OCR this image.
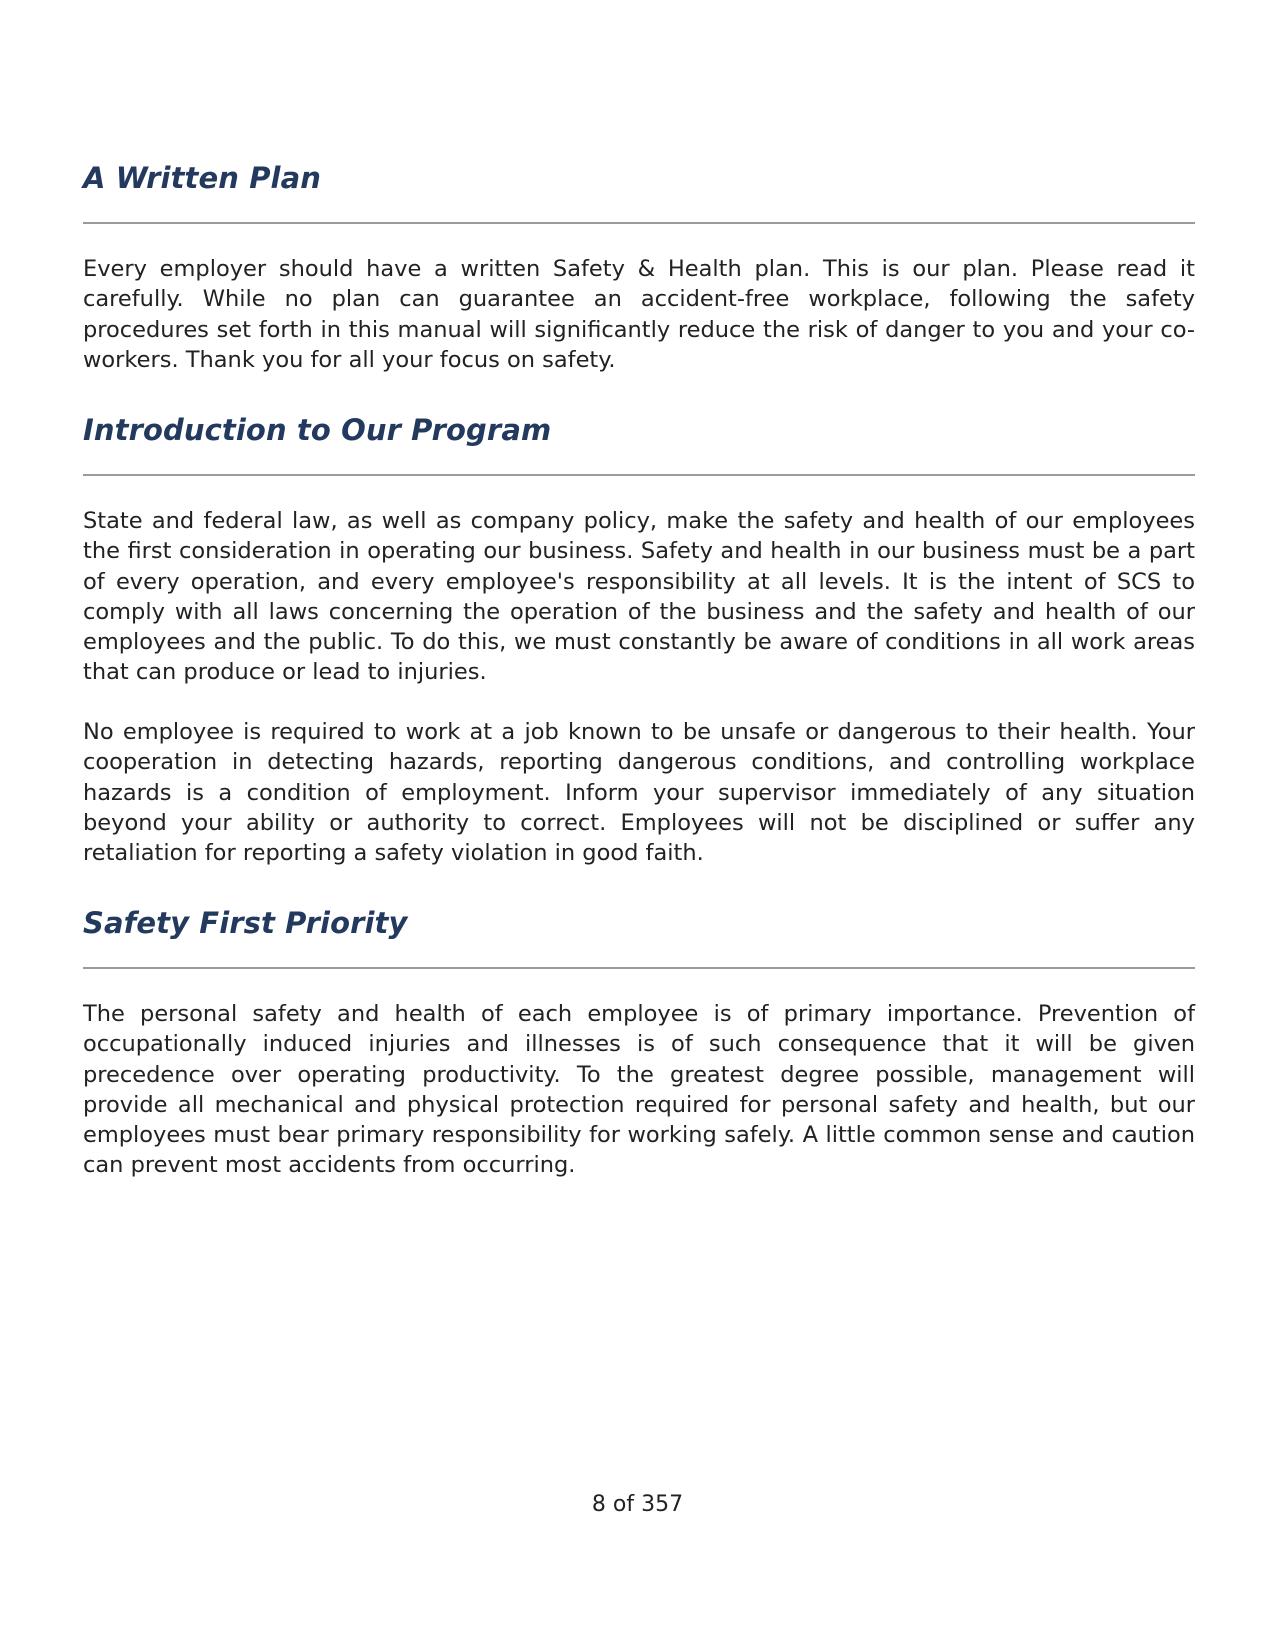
A Written Plan

Every employer should have a written Safety & Health plan. This is our plan. Please read it carefully. While no plan can guarantee an accident-free workplace, following the safety procedures set forth in this manual will significantly reduce the risk of danger to you and your co-workers. Thank you for all your focus on safety.

Introduction to Our Program

State and federal law, as well as company policy, make the safety and health of our employees the first consideration in operating our business. Safety and health in our business must be a part of every operation, and every employee's responsibility at all levels. It is the intent of SCS to comply with all laws concerning the operation of the business and the safety and health of our employees and the public. To do this, we must constantly be aware of conditions in all work areas that can produce or lead to injuries.

No employee is required to work at a job known to be unsafe or dangerous to their health. Your cooperation in detecting hazards, reporting dangerous conditions, and controlling workplace hazards is a condition of employment. Inform your supervisor immediately of any situation beyond your ability or authority to correct. Employees will not be disciplined or suffer any retaliation for reporting a safety violation in good faith.

Safety First Priority

The personal safety and health of each employee is of primary importance. Prevention of occupationally induced injuries and illnesses is of such consequence that it will be given precedence over operating productivity. To the greatest degree possible, management will provide all mechanical and physical protection required for personal safety and health, but our employees must bear primary responsibility for working safely. A little common sense and caution can prevent most accidents from occurring.

8 of 357
